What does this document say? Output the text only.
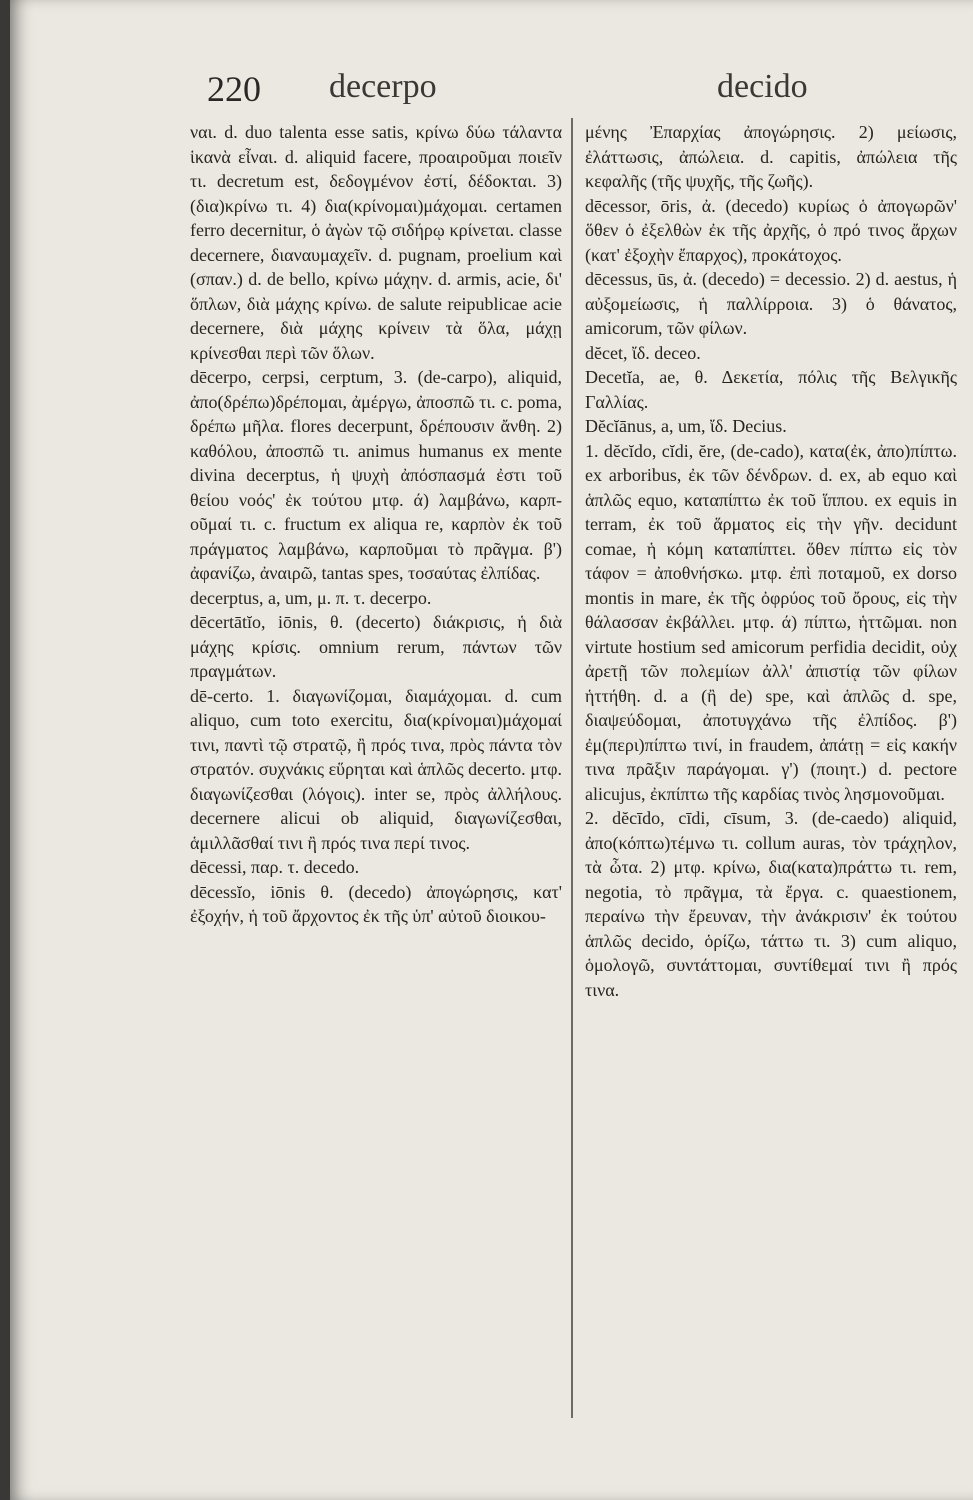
220 decerpo	decido

ναι. d. duo talenta esse satis, κρίνω δύω τάλαντα ἱκανὰ εἶναι. d. aliquid facere, προαιροῦμαι ποιεῖν τι. decretum est, δεδογμένον ἐστί, δέδοκται. 3) (δια)κρίνω τι. 4) δια(κρίνομαι)μάχομαι. certamen ferro decernitur, ὁ ἀγὼν τῷ σιδήρῳ κρίνεται. classe decernere, διαναυμαχεῖν. d. pugnam, proelium καὶ (σπαν.) d. de bello, κρίνω μάχην. d. armis, acie, δι' ὅπλων, διὰ μάχης κρίνω. de salute reipublicae acie decernere, διὰ μάχης κρίνειν τὰ ὅλα, μάχῃ κρίνεσθαι περὶ τῶν ὅλων.

dēcerpo, cerpsi, cerptum, 3. (de-carpo), aliquid, ἀπο(δρέπω)δρέπομαι, ἀμέργω, ἀποσπῶ τι. c. poma, δρέπω μῆλα. flores decerpunt, δρέπουσιν ἄνθη. 2) καθόλου, ἀποσπῶ τι. animus humanus ex mente divina decerptus, ἡ ψυχὴ ἀπόσπασμά ἐστι τοῦ θείου νοός' ἐκ τούτου μτφ. ά) λαμβάνω, καρπ-οῦμαί τι. c. fructum ex aliqua re, καρπὸν ἐκ τοῦ πράγματος λαμβάνω, καρποῦμαι τὸ πρᾶγμα. β') ἀφανίζω, ἀναιρῶ, tantas spes, τοσαύτας ἐλπίδας.

decerptus, a, um, μ. π. τ. decerpo.

dēcertātĭo, iōnis, θ. (decerto) διάκρισις, ἡ διὰ μάχης κρίσις. omnium rerum, πάντων τῶν πραγμάτων.

dē-certo. 1. διαγωνίζομαι, διαμάχομαι. d. cum aliquo, cum toto exercitu, δια(κρίνομαι)μάχομαί τινι, παντὶ τῷ στρατῷ, ἢ πρός τινα, πρὸς πάντα τὸν στρατόν. συχνάκις εὕρηται καὶ ἁπλῶς decerto. μτφ. διαγωνίζεσθαι (λόγοις). inter se, πρὸς ἀλλήλους. decernere alicui ob aliquid, διαγωνίζεσθαι, ἁμιλλᾶσθαί τινι ἢ πρός τινα περί τινος.

dēcessi, παρ. τ. decedo.

dēcessĭo, iōnis θ. (decedo) ἀπογώρησις, κατ' ἐξοχήν, ἡ τοῦ ἄρχοντος ἐκ τῆς ὑπ' αὐτοῦ διοικου-

μένης Ἐπαρχίας ἀπογώρησις. 2) μείωσις, ἐλάττωσις, ἀπώλεια. d. capitis, ἀπώλεια τῆς κεφαλῆς (τῆς ψυχῆς, τῆς ζωῆς).

dēcessor, ōris, ἀ. (decedo) κυρίως ὁ ἀπογωρῶν' ὅθεν ὁ ἐξελθὼν ἐκ τῆς ἀρχῆς, ὁ πρό τινος ἄρχων (κατ' ἐξοχὴν ἔπαρχος), προκάτοχος.

dēcessus, ūs, ἀ. (decedo) = decessio. 2) d. aestus, ἡ αὐξομείωσις, ἡ παλλίρροια. 3) ὁ θάνατος, amicorum, τῶν φίλων.

dĕcet, ἴδ. deceo.

Decetĭa, ae, θ. Δεκετία, πόλις τῆς Βελγικῆς Γαλλίας.

Dĕcĭānus, a, um, ἴδ. Decius.

1. dĕcĭdo, cĭdi, ĕre, (de-cado), κατα(ἐκ, ἀπο)πίπτω. ex arboribus, ἐκ τῶν δένδρων. d. ex, ab equo καὶ ἁπλῶς equo, καταπίπτω ἐκ τοῦ ἵππου. ex equis in terram, ἐκ τοῦ ἅρματος εἰς τὴν γῆν. decidunt comae, ἡ κόμη καταπίπτει. ὅθεν πίπτω εἰς τὸν τάφον = ἀποθνήσκω. μτφ. ἐπὶ ποταμοῦ, ex dorso montis in mare, ἐκ τῆς ὀφρύος τοῦ ὄρους, εἰς τὴν θάλασσαν ἐκβάλλει. μτφ. ά) πίπτω, ἡττῶμαι. non virtute hostium sed amicorum perfidia decidit, οὐχ ἀρετῇ τῶν πολεμίων ἀλλ' ἀπιστίᾳ τῶν φίλων ἡττήθη. d. a (ἢ de) spe, καὶ ἁπλῶς d. spe, διαψεύδομαι, ἀποτυγχάνω τῆς ἐλπίδος. β') ἐμ(περι)πίπτω τινί, in fraudem, ἀπάτῃ = εἰς κακήν τινα πρᾶξιν παράγομαι. γ') (ποιητ.) d. pectore alicujus, ἐκπίπτω τῆς καρδίας τινὸς λησμονοῦμαι.

2. dĕcīdo, cīdi, cīsum, 3. (de-caedo) aliquid, ἀπο(κόπτω)τέμνω τι. collum auras, τὸν τράχηλον, τὰ ὦτα. 2) μτφ. κρίνω, δια(κατα)πράττω τι. rem, negotia, τὸ πρᾶγμα, τὰ ἔργα. c. quaestionem, περαίνω τὴν ἔρευναν, τὴν ἀνάκρισιν' ἐκ τούτου ἁπλῶς decido, ὁρίζω, τάττω τι. 3) cum aliquo, ὁμολογῶ, συντάττομαι, συντίθεμαί τινι ἢ πρός τινα.
